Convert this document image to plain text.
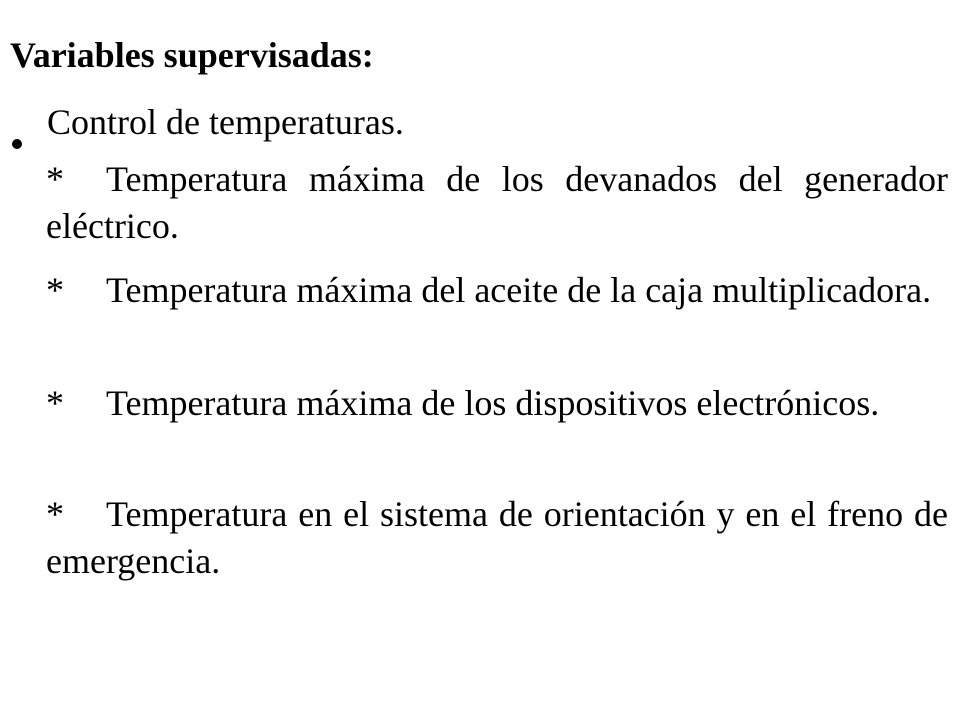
Variables supervisadas:
Control de temperaturas.
* Temperatura máxima de los devanados del generador eléctrico.
* Temperatura máxima del aceite de la caja multiplicadora.
* Temperatura máxima de los dispositivos electrónicos.
* Temperatura en el sistema de orientación y en el freno de emergencia.
